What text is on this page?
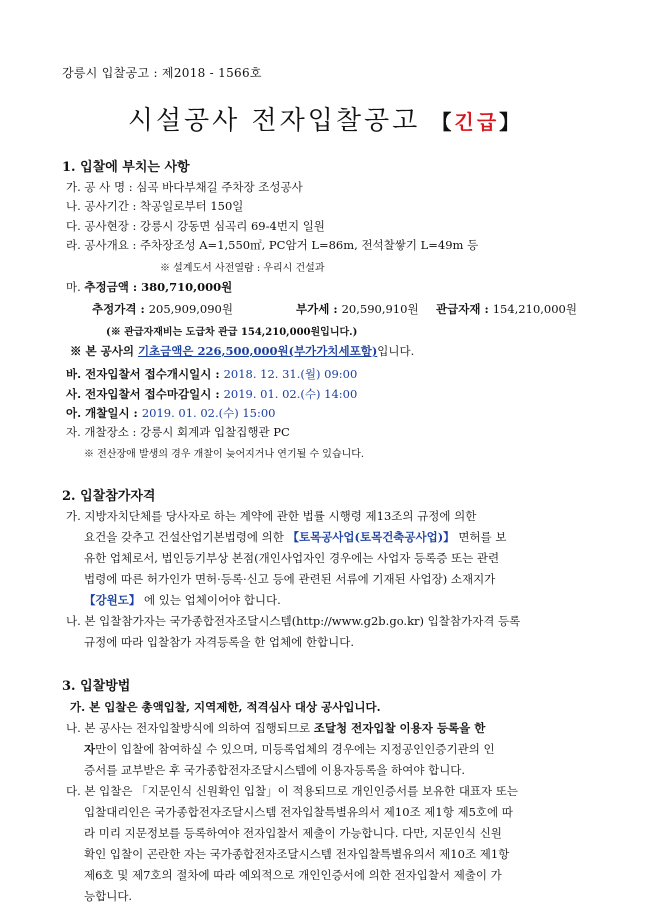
강릉시 입찰공고 : 제2018 - 1566호
시설공사 전자입찰공고 【긴급】
1. 입찰에 부치는 사항
가. 공 사 명 : 심곡 바다부채길 주차장 조성공사
나. 공사기간 : 착공일로부터 150일
다. 공사현장 : 강릉시 강동면 심곡리 69-4번지 일원
라. 공사개요 : 주차장조성 A=1,550㎡, PC암거 L=86m, 전석찰쌓기 L=49m 등
※ 설계도서 사전열람 : 우리시 건설과
마. 추정금액 : 380,710,000원
추정가격 : 205,909,090원	부가세 : 20,590,910원 관급자재 : 154,210,000원
(※ 관급자재비는 도급차 관급 154,210,000원입니다.)
※ 본 공사의 기초금액은 226,500,000원(부가가치세포함)입니다.
바. 전자입찰서 접수개시일시 : 2018. 12. 31.(월) 09:00
사. 전자입찰서 접수마감일시 : 2019. 01. 02.(수) 14:00
아. 개찰일시 : 2019. 01. 02.(수) 15:00
자. 개찰장소 : 강릉시 회계과 입찰집행관 PC
※ 전산장애 발생의 경우 개찰이 늦어지거나 연기될 수 있습니다.
2. 입찰참가자격
가. 지방자치단체를 당사자로 하는 계약에 관한 법률 시행령 제13조의 규정에 의한
요건을 갖추고 건설산업기본법령에 의한 【토목공사업(토목건축공사업)】 면허를 보
유한 업체로서, 법인등기부상 본점(개인사업자인 경우에는 사업자 등록증 또는 관련
법령에 따른 허가인가 면허·등록·신고 등에 관련된 서류에 기재된 사업장) 소재지가
【강원도】 에 있는 업체이어야 합니다.
나. 본 입찰참가자는 국가종합전자조달시스템(http://www.g2b.go.kr) 입찰참가자격 등록
규정에 따라 입찰참가 자격등록을 한 업체에 한합니다.
3. 입찰방법
가. 본 입찰은 총액입찰, 지역제한, 적격심사 대상 공사입니다.
나. 본 공사는 전자입찰방식에 의하여 집행되므로 조달청 전자입찰 이용자 등록을 한
자만이 입찰에 참여하실 수 있으며, 미등록업체의 경우에는 지정공인인증기관의 인
증서를 교부받은 후 국가종합전자조달시스템에 이용자등록을 하여야 합니다.
다. 본 입찰은 「지문인식 신원확인 입찰」이 적용되므로 개인인증서를 보유한 대표자 또는
입찰대리인은 국가종합전자조달시스템 전자입찰특별유의서 제10조 제1항 제5호에 따
라 미리 지문정보를 등록하여야 전자입찰서 제출이 가능합니다. 다만, 지문인식 신원
확인 입찰이 곤란한 자는 국가종합전자조달시스템 전자입찰특별유의서 제10조 제1항
제6호 및 제7호의 절차에 따라 예외적으로 개인인증서에 의한 전자입찰서 제출이 가
능합니다.
